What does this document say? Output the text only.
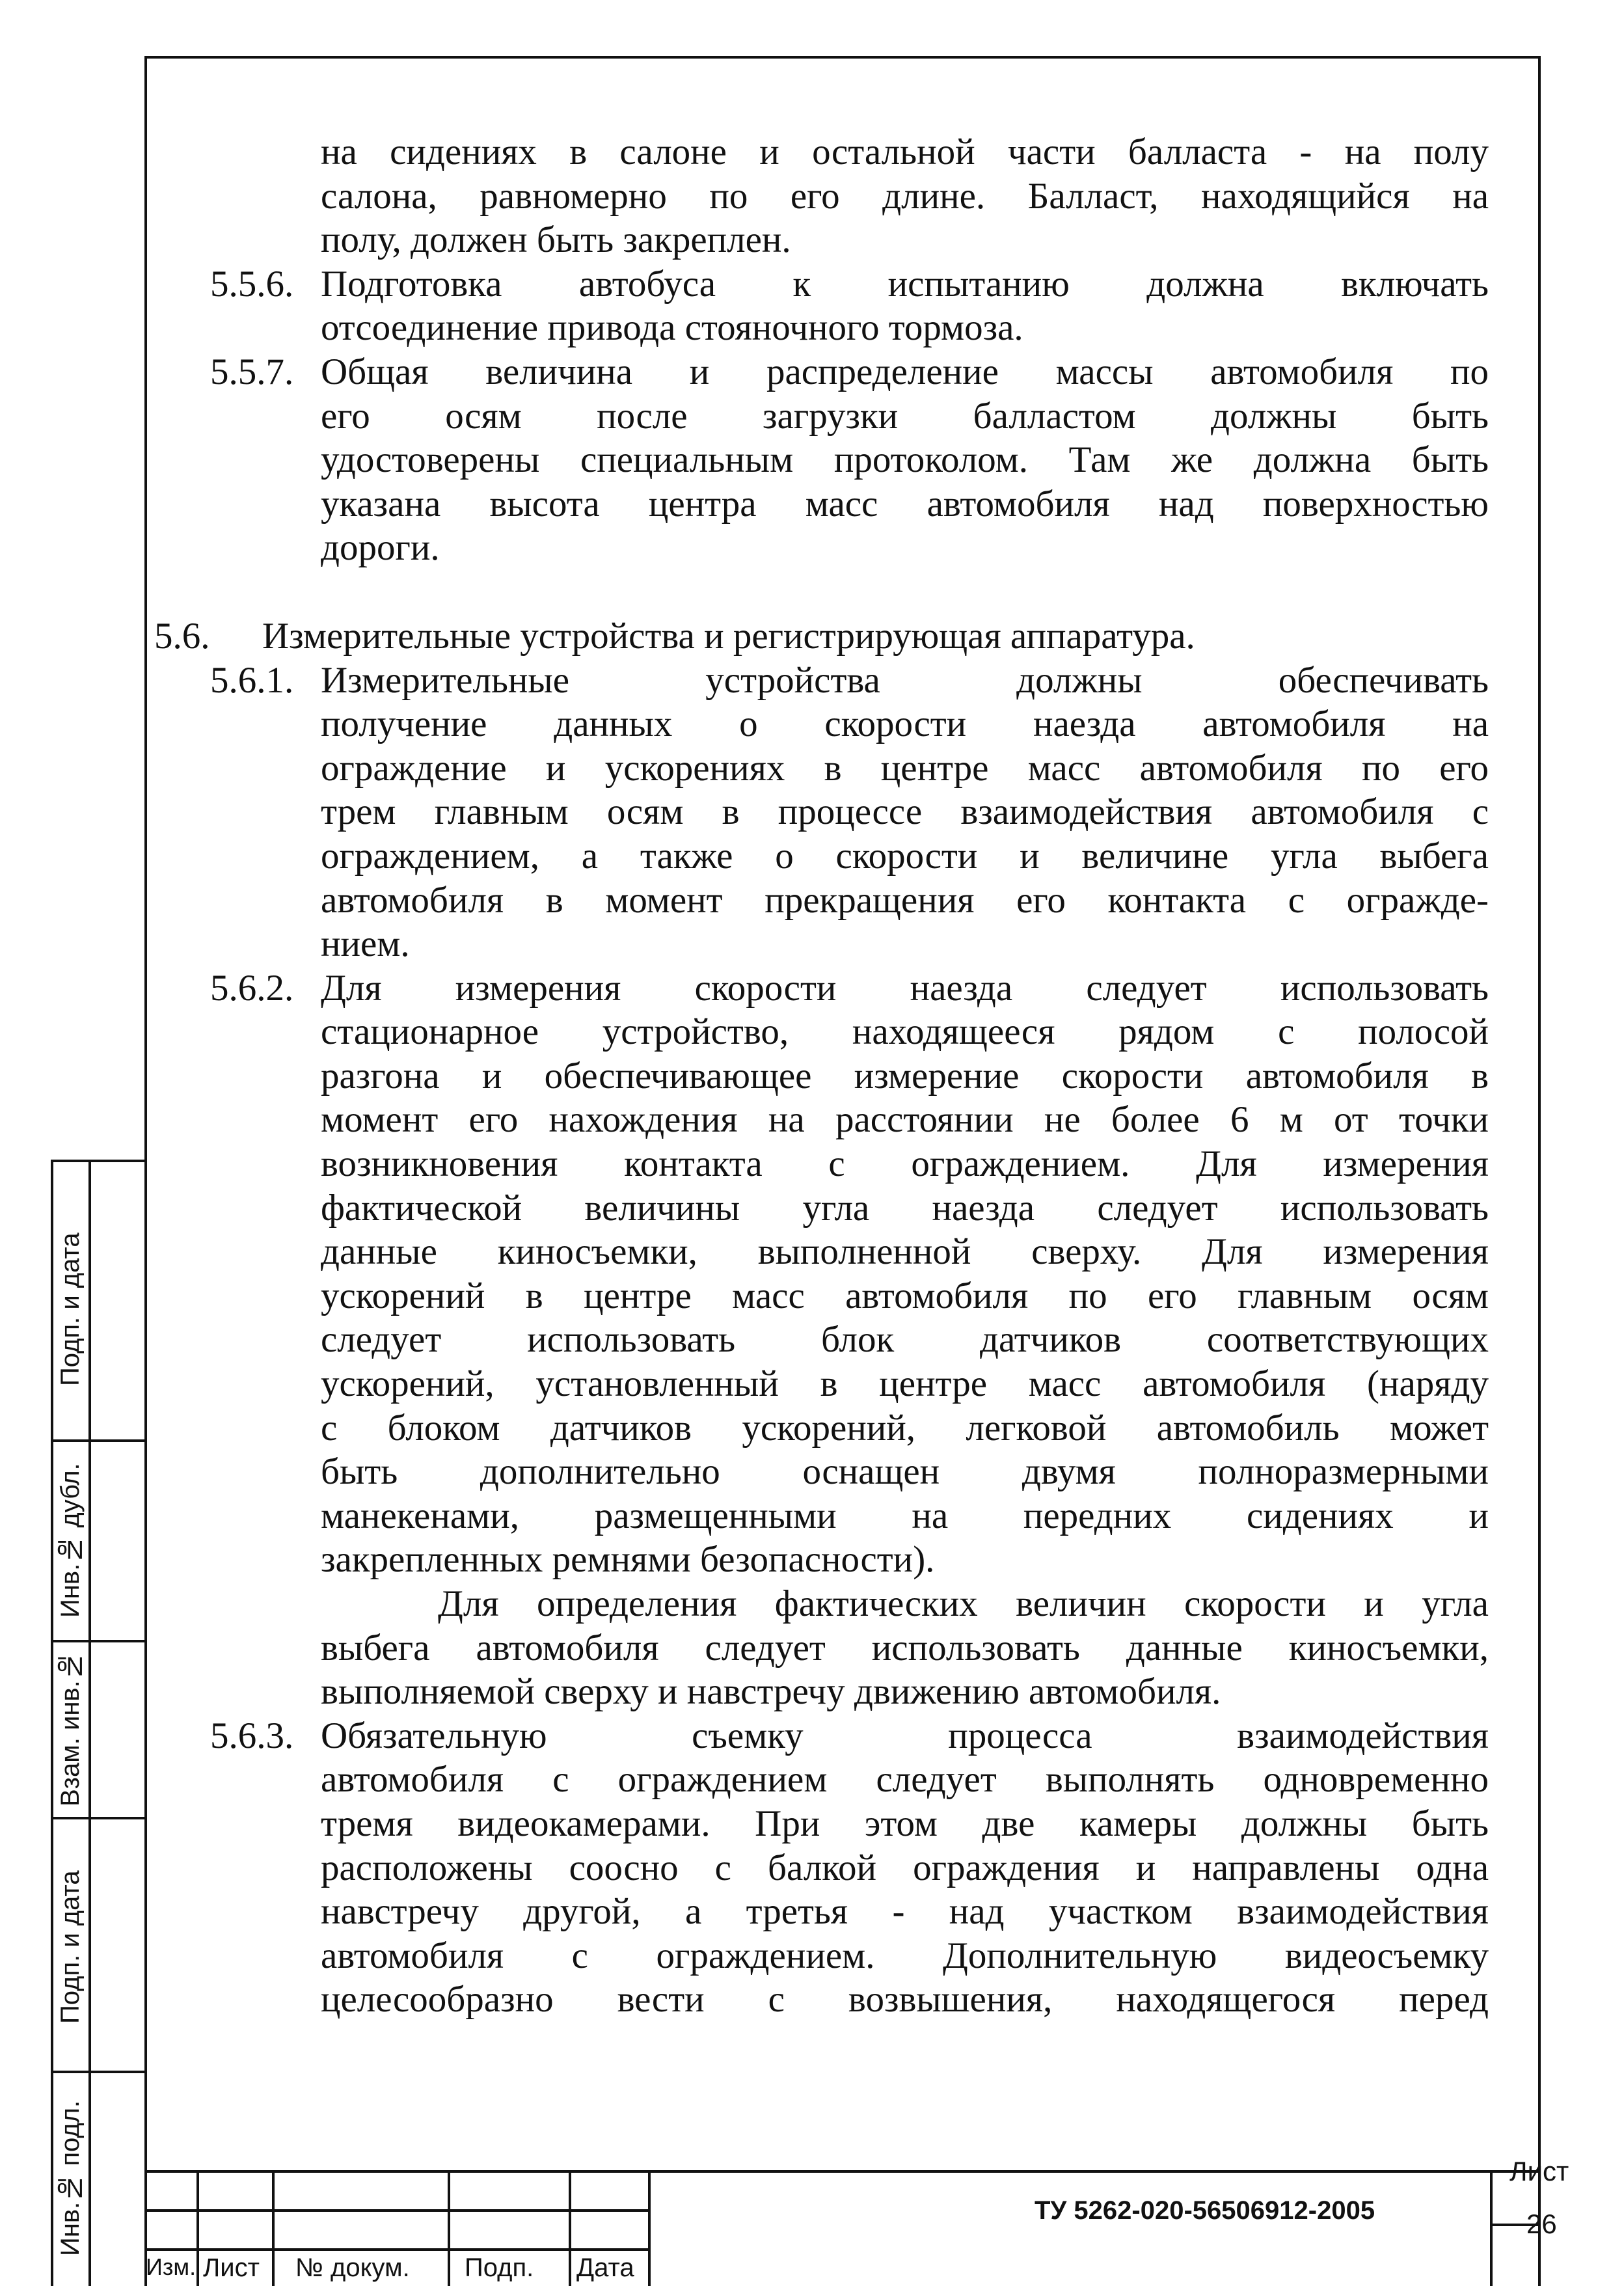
на сидениях в салоне и остальной части балласта - на полу
салона, равномерно по его длине. Балласт, находящийся на
полу, должен быть закреплен.
5.5.6. Подготовка автобуса к испытанию должна включать
отсоединение привода стояночного тормоза.
5.5.7. Общая величина и распределение массы автомобиля по
его осям после загрузки балластом должны быть
удостоверены специальным протоколом. Там же должна быть
указана высота центра масс автомобиля над поверхностью
дороги.
5.6. Измерительные устройства и регистрирующая аппаратура.
5.6.1. Измерительные устройства должны обеспечивать
получение данных о скорости наезда автомобиля на
ограждение и ускорениях в центре масс автомобиля по его
трем главным осям в процессе взаимодействия автомобиля с
ограждением, а также о скорости и величине угла выбега
автомобиля в момент прекращения его контакта с огражде-
нием.
5.6.2. Для измерения скорости наезда следует использовать
стационарное устройство, находящееся рядом с полосой
разгона и обеспечивающее измерение скорости автомобиля в
момент его нахождения на расстоянии не более 6 м от точки
возникновения контакта с ограждением. Для измерения
фактической величины угла наезда следует использовать
данные киносъемки, выполненной сверху. Для измерения
ускорений в центре масс автомобиля по его главным осям
следует использовать блок датчиков соответствующих
ускорений, установленный в центре масс автомобиля (наряду
с блоком датчиков ускорений, легковой автомобиль может
быть дополнительно оснащен двумя полноразмерными
манекенами, размещенными на передних сидениях и
закрепленных ремнями безопасности).
Для определения фактических величин скорости и угла
выбега автомобиля следует использовать данные киносъемки,
выполняемой сверху и навстречу движению автомобиля.
5.6.3. Обязательную съемку процесса взаимодействия
автомобиля с ограждением следует выполнять одновременно
тремя видеокамерами. При этом две камеры должны быть
расположены соосно с балкой ограждения и направлены одна
навстречу другой, а третья - над участком взаимодействия
автомобиля с ограждением. Дополнительную видеосъемку
целесообразно вести с возвышения, находящегося перед
Подп. и дата
Инв.№ дубл.
Взам. инв.№
Подп. и дата
Инв.№ подл.
Изм. Лист № докум. Подп. Дата
ТУ 5262-020-56506912-2005
Лист
26
